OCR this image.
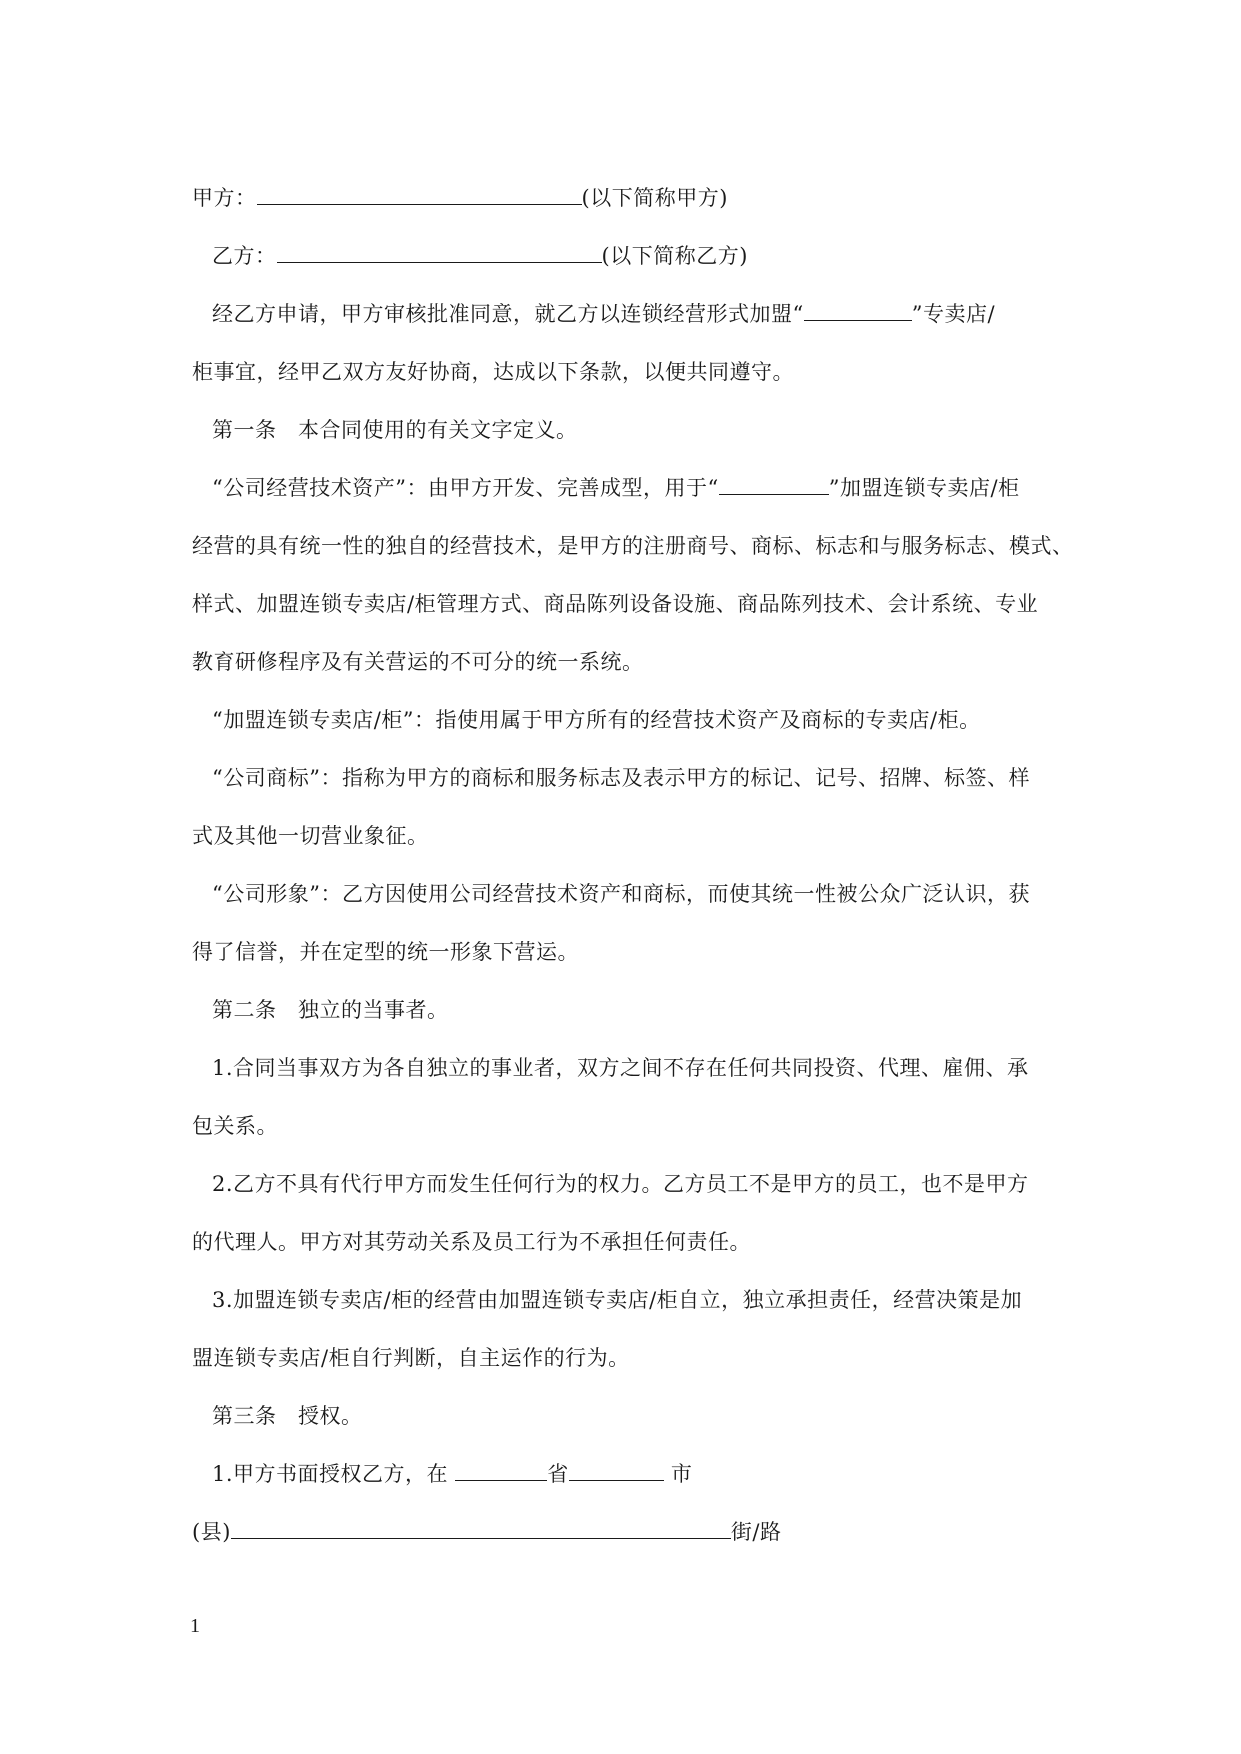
甲方：	(以下简称甲方)
乙方：	(以下简称乙方)
经乙方申请，甲方审核批准同意，就乙方以连锁经营形式加盟“	”专卖店/
柜事宜，经甲乙双方友好协商，达成以下条款，以便共同遵守。
第一条　本合同使用的有关文字定义。
“公司经营技术资产”：由甲方开发、完善成型，用于“	”加盟连锁专卖店/柜
经营的具有统一性的独自的经营技术，是甲方的注册商号、商标、标志和与服务标志、模式、
样式、加盟连锁专卖店/柜管理方式、商品陈列设备设施、商品陈列技术、会计系统、专业
教育研修程序及有关营运的不可分的统一系统。
“加盟连锁专卖店/柜”：指使用属于甲方所有的经营技术资产及商标的专卖店/柜。
“公司商标”：指称为甲方的商标和服务标志及表示甲方的标记、记号、招牌、标签、样
式及其他一切营业象征。
“公司形象”：乙方因使用公司经营技术资产和商标，而使其统一性被公众广泛认识，获
得了信誉，并在定型的统一形象下营运。
第二条　独立的当事者。
1.合同当事双方为各自独立的事业者，双方之间不存在任何共同投资、代理、雇佣、承
包关系。
2.乙方不具有代行甲方而发生任何行为的权力。乙方员工不是甲方的员工，也不是甲方
的代理人。甲方对其劳动关系及员工行为不承担任何责任。
3.加盟连锁专卖店/柜的经营由加盟连锁专卖店/柜自立，独立承担责任，经营决策是加
盟连锁专卖店/柜自行判断，自主运作的行为。
第三条　授权。
1.甲方书面授权乙方，在	省	市
(县)	街/路
1
